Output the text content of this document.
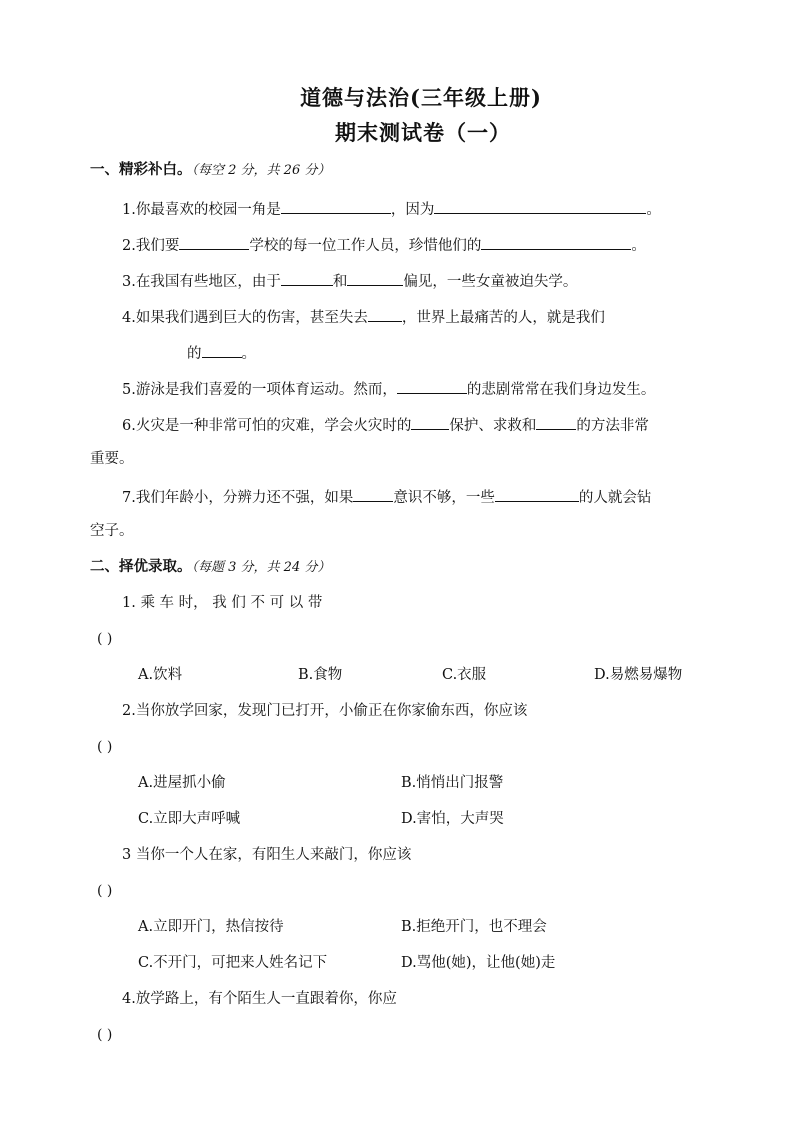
道德与法治(三年级上册)
期末测试卷（一）
一、精彩补白。（每空 2 分，共 26 分）
1.你最喜欢的校园一角是	，因为	。
2.我们要	学校的每一位工作人员，珍惜他们的	。
3.在我国有些地区，由于	和	偏见，一些女童被迫失学。
4.如果我们遇到巨大的伤害，甚至失去 ，世界上最痛苦的人，就是我们
的	。
5.游泳是我们喜爱的一项体育运动。然而，	的悲剧常常在我们身边发生。
6.火灾是一种非常可怕的灾难，学会火灾时的	保护、求救和	的方法非常
重要。
7.我们年龄小，分辨力还不强，如果	意识不够，一些	的人就会钻
空子。
二、择优录取。（每题 3 分，共 24 分）
1. 乘 车 时， 我 们 不 可 以 带
( )
A.饮料	B.食物	C.衣服	D.易燃易爆物
2.当你放学回家，发现门已打开，小偷正在你家偷东西，你应该
( )
A.进屋抓小偷	B.悄悄出门报警
C.立即大声呼喊	D.害怕，大声哭
3 当你一个人在家，有阳生人来敲门，你应该
( )
A.立即开门，热信按待	B.拒绝开门，也不理会
C.不开门，可把来人姓名记下	D.骂他(她)，让他(她)走
4.放学路上，有个陌生人一直跟着你，你应
( )
